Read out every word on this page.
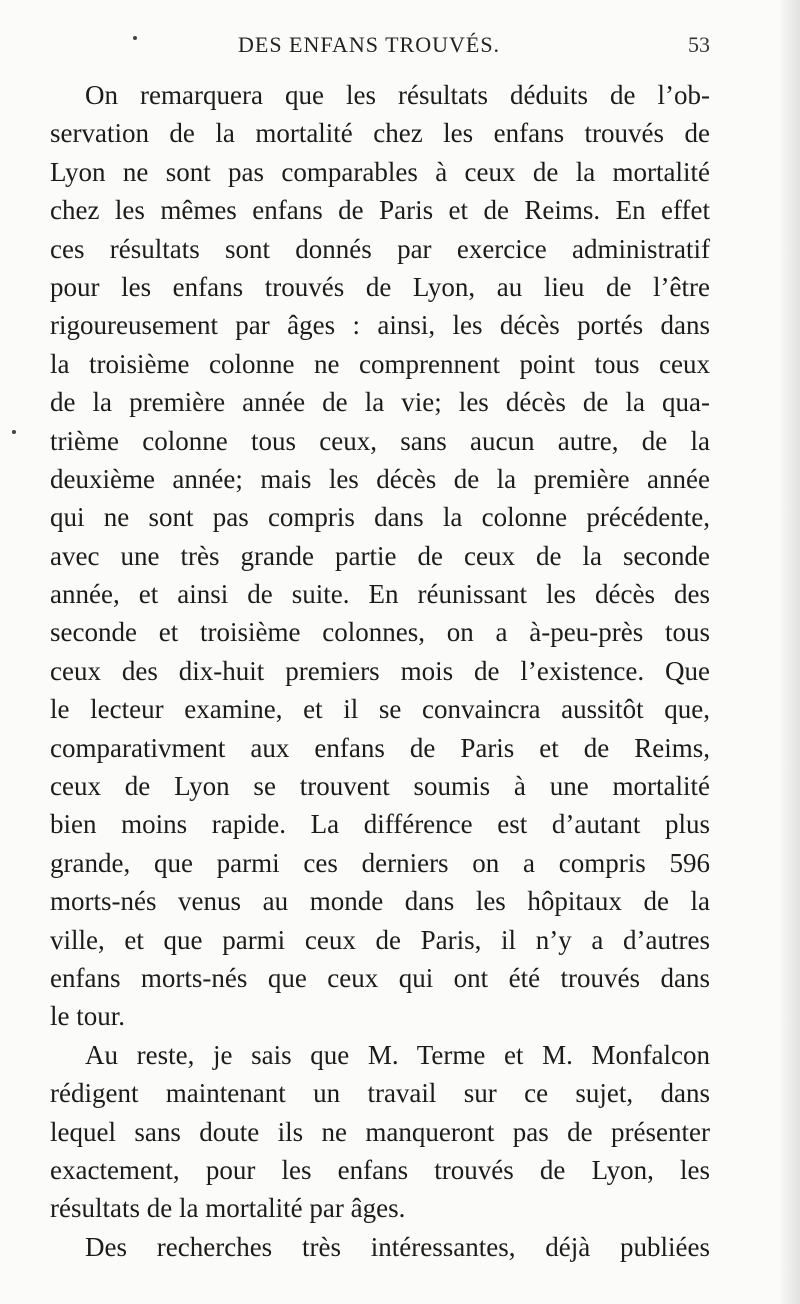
DES ENFANS TROUVÉS.	53
On remarquera que les résultats déduits de l’ob-
servation de la mortalité chez les enfans trouvés de
Lyon ne sont pas comparables à ceux de la mortalité
chez les mêmes enfans de Paris et de Reims. En effet
ces résultats sont donnés par exercice administratif
pour les enfans trouvés de Lyon, au lieu de l’être
rigoureusement par âges : ainsi, les décès portés dans
la troisième colonne ne comprennent point tous ceux
de la première année de la vie; les décès de la qua-
trième colonne tous ceux, sans aucun autre, de la
deuxième année; mais les décès de la première année
qui ne sont pas compris dans la colonne précédente,
avec une très grande partie de ceux de la seconde
année, et ainsi de suite. En réunissant les décès des
seconde et troisième colonnes, on a à-peu-près tous
ceux des dix-huit premiers mois de l’existence. Que
le lecteur examine, et il se convaincra aussitôt que,
comparativment aux enfans de Paris et de Reims,
ceux de Lyon se trouvent soumis à une mortalité
bien moins rapide. La différence est d’autant plus
grande, que parmi ces derniers on a compris 596
morts-nés venus au monde dans les hôpitaux de la
ville, et que parmi ceux de Paris, il n’y a d’autres
enfans morts-nés que ceux qui ont été trouvés dans
le tour.
Au reste, je sais que M. Terme et M. Monfalcon
rédigent maintenant un travail sur ce sujet, dans
lequel sans doute ils ne manqueront pas de présenter
exactement, pour les enfans trouvés de Lyon, les
résultats de la mortalité par âges.
Des recherches très intéressantes, déjà publiées
